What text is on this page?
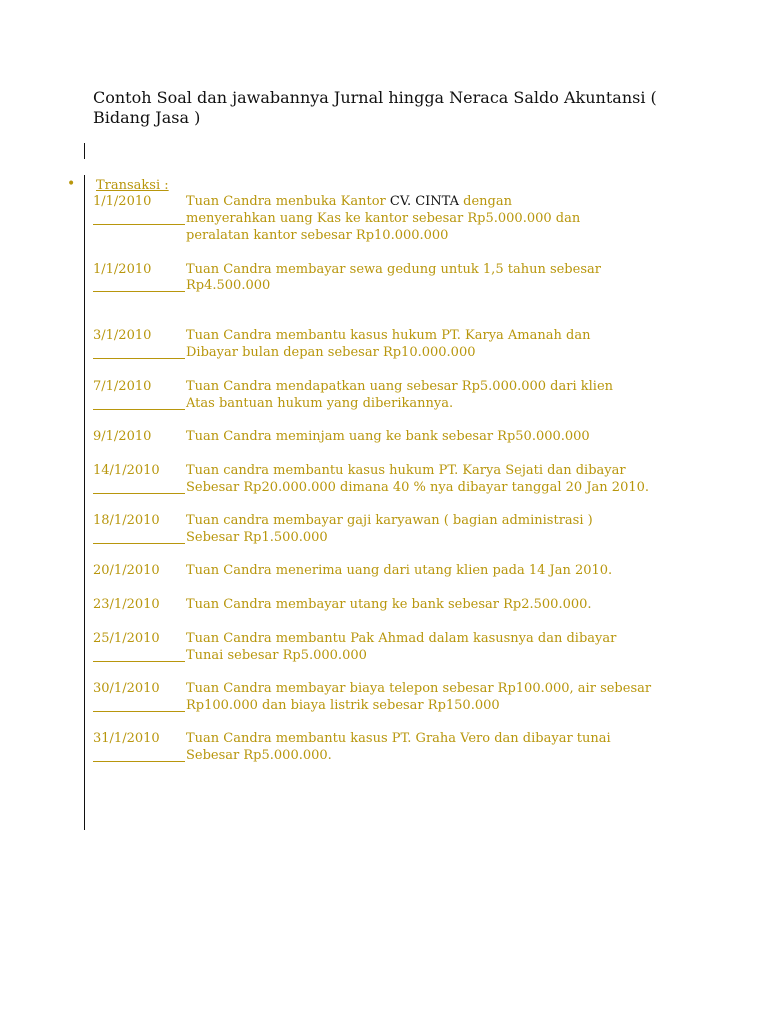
Contoh Soal dan jawabannya Jurnal hingga Neraca Saldo Akuntansi ( Bidang Jasa )
• Transaksi :
1/1/2010	Tuan Candra menbuka Kantor CV. CINTA dengan
menyerahkan uang Kas ke kantor sebesar Rp5.000.000 dan
peralatan kantor sebesar Rp10.000.000
1/1/2010	Tuan Candra membayar sewa gedung untuk 1,5 tahun sebesar
Rp4.500.000
3/1/2010	Tuan Candra membantu kasus hukum PT. Karya Amanah dan
Dibayar bulan depan sebesar Rp10.000.000
7/1/2010	Tuan Candra mendapatkan uang sebesar Rp5.000.000 dari klien
Atas bantuan hukum yang diberikannya.
9/1/2010	Tuan Candra meminjam uang ke bank sebesar Rp50.000.000
14/1/2010 Tuan candra membantu kasus hukum PT. Karya Sejati dan dibayar
Sebesar Rp20.000.000 dimana 40 % nya dibayar tanggal 20 Jan 2010.
18/1/2010 Tuan candra membayar gaji karyawan ( bagian administrasi )
Sebesar Rp1.500.000
20/1/2010 Tuan Candra menerima uang dari utang klien pada 14 Jan 2010.
23/1/2010 Tuan Candra membayar utang ke bank sebesar Rp2.500.000.
25/1/2010 Tuan Candra membantu Pak Ahmad dalam kasusnya dan dibayar
Tunai sebesar Rp5.000.000
30/1/2010 Tuan Candra membayar biaya telepon sebesar Rp100.000, air sebesar
Rp100.000 dan biaya listrik sebesar Rp150.000
31/1/2010 Tuan Candra membantu kasus PT. Graha Vero dan dibayar tunai
Sebesar Rp5.000.000.
